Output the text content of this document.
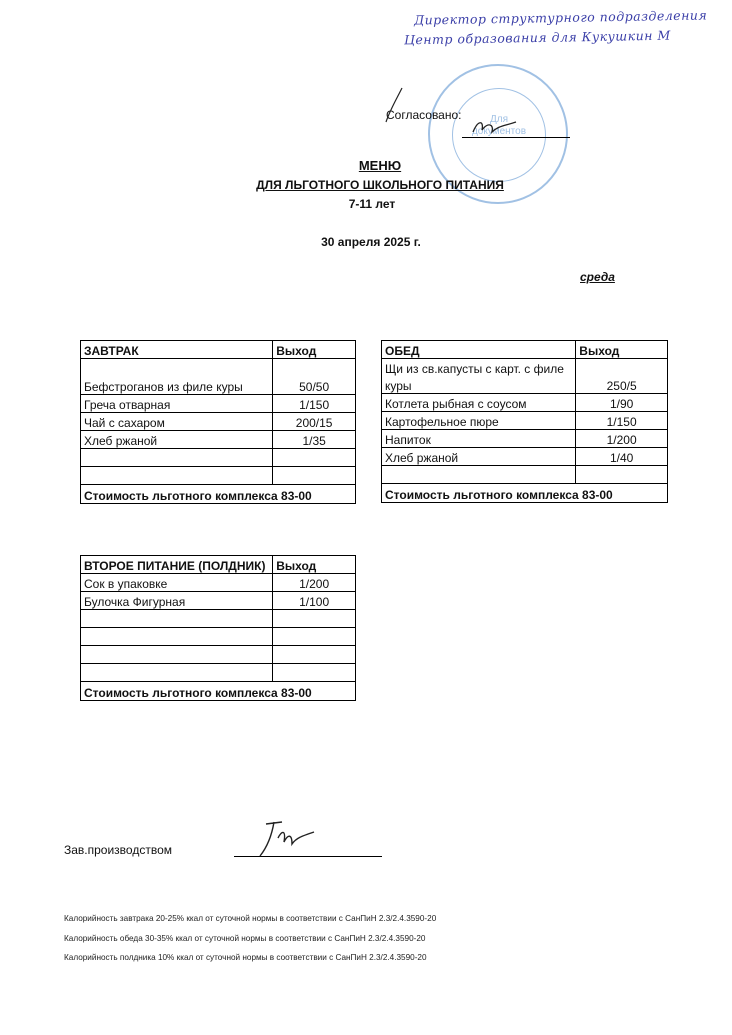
Директор структурного подразделения
Центр образования для Кукушкин М
Для документов
Согласовано:
МЕНЮ
ДЛЯ ЛЬГОТНОГО ШКОЛЬНОГО ПИТАНИЯ
7-11 лет
30 апреля 2025 г.
среда
ЗАВТРАК	Выход
Бефстроганов из филе куры	50/50
Греча отварная	1/150
Чай с сахаром	200/15
Хлеб ржаной	1/35

Стоимость льготного комплекса 83-00	
ОБЕД	Выход
Щи из св.капусты с карт. с филе	
куры	250/5
Котлета рыбная с соусом	1/90
Картофельное пюре	1/150
Напиток	1/200
Хлеб ржаной	1/40

Стоимость льготного комплекса 83-00	
ВТОРОЕ ПИТАНИЕ (ПОЛДНИК)	Выход
Сок в упаковке	1/200
Булочка Фигурная	1/100

Стоимость льготного комплекса 83-00	
Зав.производством
Калорийность завтрака 20-25% ккал от суточной нормы в соответствии с СанПиН 2.3/2.4.3590-20
Калорийность обеда 30-35% ккал от суточной нормы в соответствии с СанПиН 2.3/2.4.3590-20
Калорийность полдника 10% ккал от суточной нормы в соответствии с СанПиН 2.3/2.4.3590-20
